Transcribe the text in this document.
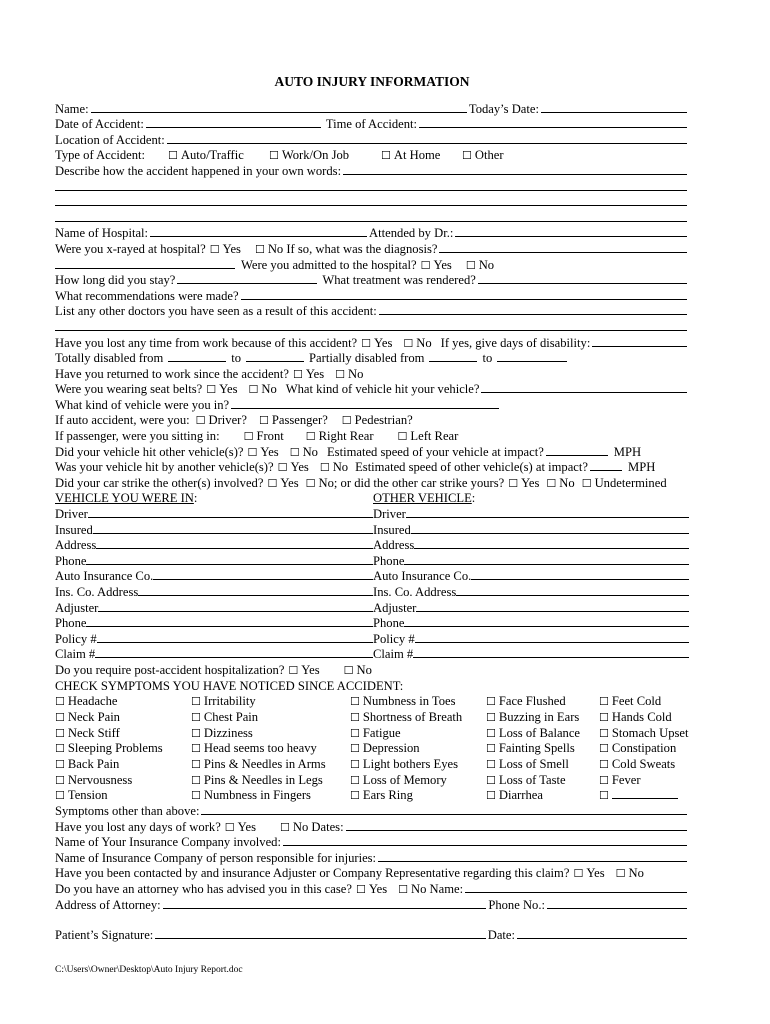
AUTO INJURY INFORMATION
Name:	Today’s Date:
Date of Accident:	Time of Accident:
Location of Accident:
Type of Accident:	☐ Auto/Traffic	☐ Work/On Job	☐ At Home	☐ Other
Describe how the accident happened in your own words:
Name of Hospital:	Attended by Dr.:
Were you x-rayed at hospital? ☐ Yes ☐ No If so, what was the diagnosis?
Were you admitted to the hospital? ☐ Yes ☐ No
How long did you stay?	What treatment was rendered?
What recommendations were made?
List any other doctors you have seen as a result of this accident:
Have you lost any time from work because of this accident? ☐ Yes ☐ No If yes, give days of disability:
Totally disabled from	to	Partially disabled from	to
Have you returned to work since the accident? ☐ Yes ☐ No
Were you wearing seat belts? ☐ Yes ☐ No What kind of vehicle hit your vehicle?
What kind of vehicle were you in?
If auto accident, were you: ☐ Driver? ☐ Passenger? ☐ Pedestrian?
If passenger, were you sitting in: ☐ Front ☐ Right Rear ☐ Left Rear
Did your vehicle hit other vehicle(s)? ☐ Yes ☐ No Estimated speed of your vehicle at impact?	MPH
Was your vehicle hit by another vehicle(s)? ☐ Yes ☐ No Estimated speed of other vehicle(s) at impact?	MPH
Did your car strike the other(s) involved? ☐ Yes ☐ No; or did the other car strike yours? ☐ Yes ☐ No ☐ Undetermined
VEHICLE YOU WERE IN :	OTHER VEHICLE :
Driver	Driver
Insured	Insured
Address	Address
Phone	Phone
Auto Insurance Co.	Auto Insurance Co.
Ins. Co. Address	Ins. Co. Address
Adjuster	Adjuster
Phone	Phone
Policy #	Policy #
Claim #	Claim #
Do you require post-accident hospitalization? ☐ Yes ☐ No
CHECK SYMPTOMS YOU HAVE NOTICED SINCE ACCIDENT:
☐ Headache	☐ Irritability	☐ Numbness in Toes	☐ Face Flushed	☐ Feet Cold
☐ Neck Pain	☐ Chest Pain	☐ Shortness of Breath ☐ Buzzing in Ears ☐ Hands Cold
☐ Neck Stiff	☐ Dizziness	☐ Fatigue	☐ Loss of Balance ☐ Stomach Upset
☐ Sleeping Problems	☐ Head seems too heavy	☐ Depression	☐ Fainting Spells ☐ Constipation
☐ Back Pain	☐ Pins & Needles in Arms ☐ Light bothers Eyes	☐ Loss of Smell	☐ Cold Sweats
☐ Nervousness	☐ Pins & Needles in Legs ☐ Loss of Memory	☐ Loss of Taste	☐ Fever
☐ Tension	☐ Numbness in Fingers	☐ Ears Ring	☐ Diarrhea	☐
Symptoms other than above:
Have you lost any days of work? ☐ Yes ☐ No Dates:
Name of Your Insurance Company involved:
Name of Insurance Company of person responsible for injuries:
Have you been contacted by and insurance Adjuster or Company Representative regarding this claim? ☐ Yes ☐ No
Do you have an attorney who has advised you in this case? ☐ Yes ☐ No Name:
Address of Attorney:	Phone No.:
Patient’s Signature:	Date:
C:\Users\Owner\Desktop\Auto Injury Report.doc
